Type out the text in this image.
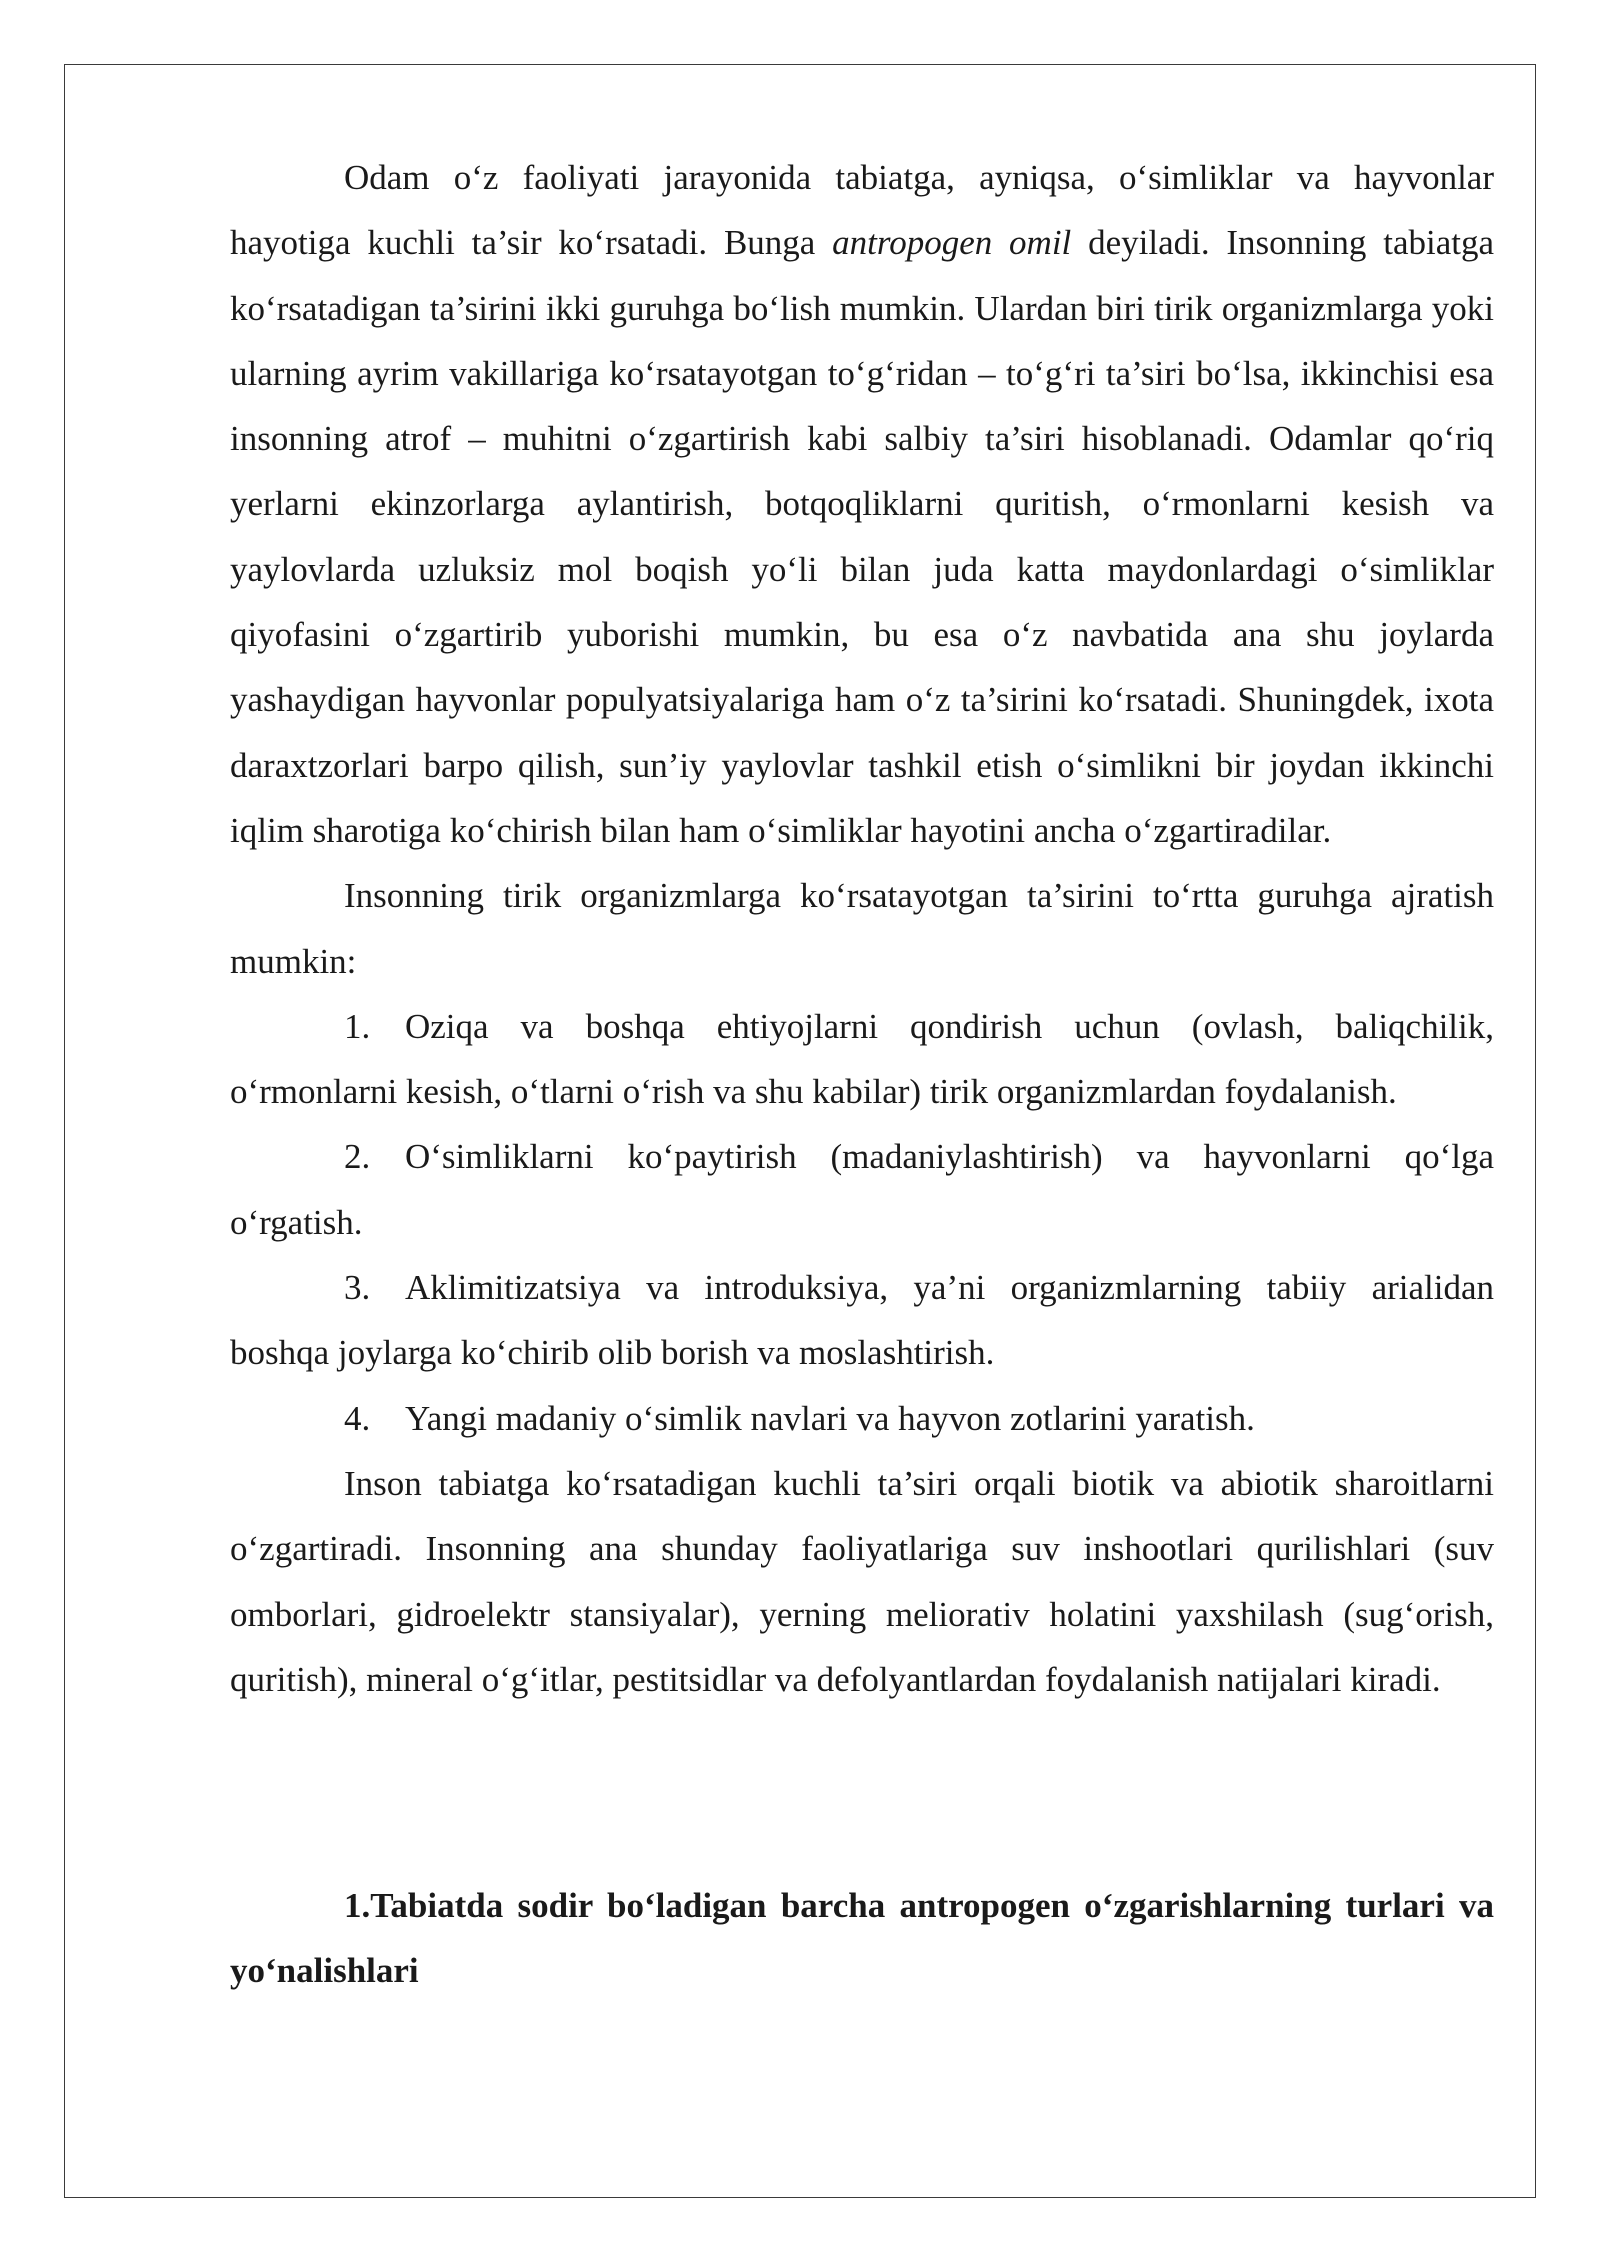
Odam o‘z faoliyati jarayonida tabiatga, ayniqsa, o‘simliklar va hayvonlar hayotiga kuchli ta’sir ko‘rsatadi. Bunga antropogen omil deyiladi. Insonning tabiatga ko‘rsatadigan ta’sirini ikki guruhga bo‘lish mumkin. Ulardan biri tirik organizmlarga yoki ularning ayrim vakillariga ko‘rsatayotgan to‘g‘ridan – to‘g‘ri ta’siri bo‘lsa, ikkinchisi esa insonning atrof – muhitni o‘zgartirish kabi salbiy ta’siri hisoblanadi. Odamlar qo‘riq yerlarni ekinzorlarga aylantirish, botqoqliklarni quritish, o‘rmonlarni kesish va yaylovlarda uzluksiz mol boqish yo‘li bilan juda katta maydonlardagi o‘simliklar qiyofasini o‘zgartirib yuborishi mumkin, bu esa o‘z navbatida ana shu joylarda yashaydigan hayvonlar populyatsiyalariga ham o‘z ta’sirini ko‘rsatadi. Shuningdek, ixota daraxtzorlari barpo qilish, sun’iy yaylovlar tashkil etish o‘simlikni bir joydan ikkinchi iqlim sharotiga ko‘chirish bilan ham o‘simliklar hayotini ancha o‘zgartiradilar.

Insonning tirik organizmlarga ko‘rsatayotgan ta’sirini to‘rtta guruhga ajratish mumkin:

1. Oziqa va boshqa ehtiyojlarni qondirish uchun (ovlash, baliqchilik, o‘rmonlarni kesish, o‘tlarni o‘rish va shu kabilar) tirik organizmlardan foydalanish.

2. O‘simliklarni ko‘paytirish (madaniylashtirish) va hayvonlarni qo‘lga o‘rgatish.

3. Aklimitizatsiya va introduksiya, ya’ni organizmlarning tabiiy arialidan boshqa joylarga ko‘chirib olib borish va moslashtirish.

4. Yangi madaniy o‘simlik navlari va hayvon zotlarini yaratish.

Inson tabiatga ko‘rsatadigan kuchli ta’siri orqali biotik va abiotik sharoitlarni o‘zgartiradi. Insonning ana shunday faoliyatlariga suv inshootlari qurilishlari (suv omborlari, gidroelektr stansiyalar), yerning meliorativ holatini yaxshilash (sug‘orish, quritish), mineral o‘g‘itlar, pestitsidlar va defolyantlardan foydalanish natijalari kiradi.

1.Tabiatda sodir bo‘ladigan barcha antropogen o‘zgarishlarning turlari va yo‘nalishlari
